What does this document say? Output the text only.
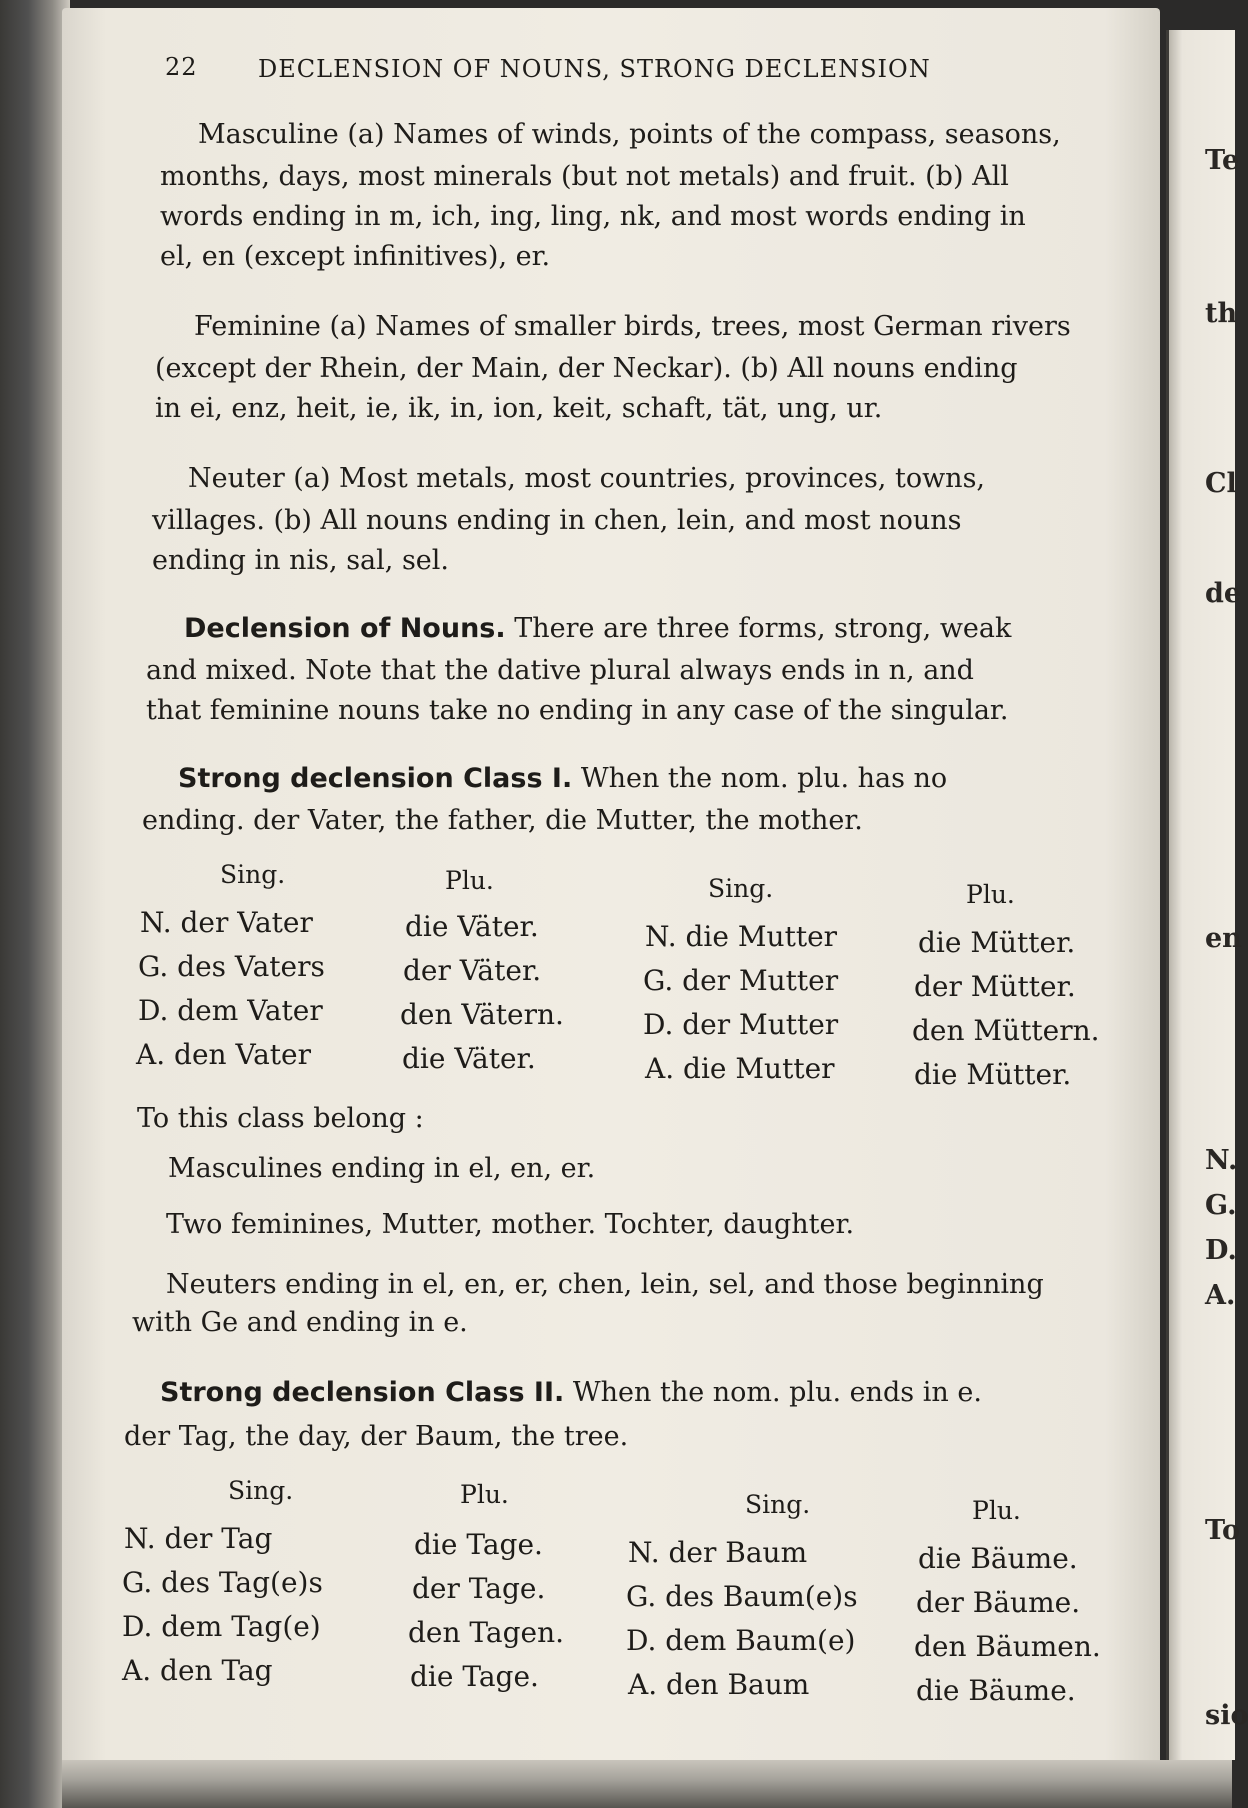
Te
th
Cl
de
en
N.
G.
D.
A.
To
sio
22	DECLENSION OF NOUNS, STRONG DECLENSION
Masculine (a) Names of winds, points of the compass, seasons,
months, days, most minerals (but not metals) and fruit. (b) All
words ending in m, ich, ing, ling, nk, and most words ending in
el, en (except infinitives), er.
Feminine (a) Names of smaller birds, trees, most German rivers
(except der Rhein, der Main, der Neckar). (b) All nouns ending
in ei, enz, heit, ie, ik, in, ion, keit, schaft, tät, ung, ur.
Neuter (a) Most metals, most countries, provinces, towns,
villages. (b) All nouns ending in chen, lein, and most nouns
ending in nis, sal, sel.
Declension of Nouns. There are three forms, strong, weak
and mixed. Note that the dative plural always ends in n, and
that feminine nouns take no ending in any case of the singular.
Strong declension Class I. When the nom. plu. has no
ending. der Vater, the father, die Mutter, the mother.
Sing.	Plu.	Sing.	Plu.
N. der Vater	die Väter.	N. die Mutter	die Mütter.
G. des Vaters	der Väter.	G. der Mutter	der Mütter.
D. dem Vater	den Vätern.	D. der Mutter	den Müttern.
A. den Vater	die Väter.	A. die Mutter	die Mütter.
To this class belong :
Masculines ending in el, en, er.
Two feminines, Mutter, mother. Tochter, daughter.
Neuters ending in el, en, er, chen, lein, sel, and those beginning
with Ge and ending in e.
Strong declension Class II. When the nom. plu. ends in e.
der Tag, the day, der Baum, the tree.
Sing.	Plu.	Sing.	Plu.
N. der Tag	die Tage.	N. der Baum	die Bäume.
G. des Tag(e)s	der Tage.	G. des Baum(e)s der Bäume.
D. dem Tag(e)	den Tagen. D. dem Baum(e) den Bäumen.
A. den Tag	die Tage.	A. den Baum	die Bäume.
